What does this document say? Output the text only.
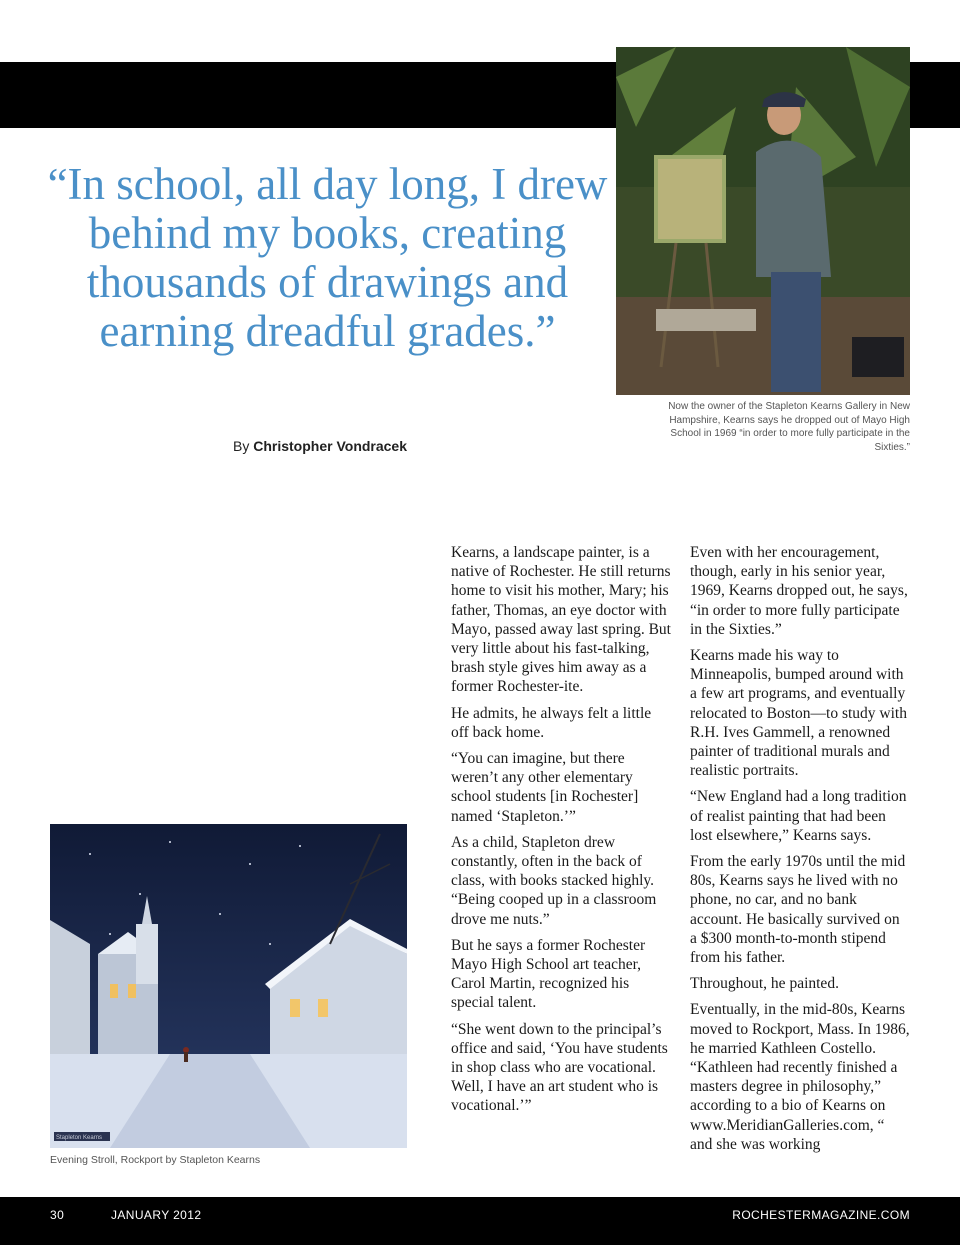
Now the owner of the Stapleton Kearns Gallery in New Hampshire, Kearns says he dropped out of Mayo High School in 1969 “in order to more fully participate in the Sixties.”
“In school, all day long, I drew behind my books, creating thousands of drawings and earning dreadful grades.”
By Christopher Vondracek

Kearns, a landscape painter, is a native of Rochester. He still returns home to visit his mother, Mary; his father, Thomas, an eye doctor with Mayo, passed away last spring. But very little about his fast-talking, brash style gives him away as a former Rochester-ite.

He admits, he always felt a little off back home.

“You can imagine, but there weren’t any other elementary school students [in Rochester] named ‘Stapleton.’”

As a child, Stapleton drew constantly, often in the back of class, with books stacked highly. “Being cooped up in a classroom drove me nuts.”

But he says a former Rochester Mayo High School art teacher, Carol Martin, recognized his special talent.

“She went down to the principal’s office and said, ‘You have students in shop class who are vocational. Well, I have an art student who is vocational.’”

Even with her encouragement, though, early in his senior year, 1969, Kearns dropped out, he says, “in order to more fully participate in the Sixties.”

Kearns made his way to Minneapolis, bumped around with a few art programs, and eventually relocated to Boston—to study with R.H. Ives Gammell, a renowned painter of traditional murals and realistic portraits.

“New England had a long tradition of realist painting that had been lost elsewhere,” Kearns says.

From the early 1970s until the mid 80s, Kearns says he lived with no phone, no car, and no bank account. He basically survived on a $300 month-to-month stipend from his father.

Throughout, he painted.

Eventually, in the mid-80s, Kearns moved to Rockport, Mass. In 1986, he married Kathleen Costello. “Kathleen had recently finished a masters degree in philosophy,” according to a bio of Kearns on www.MeridianGalleries.com, “ and she was working

Stapleton Kearns
Evening Stroll, Rockport by Stapleton Kearns
30	JANUARY 2012	ROCHESTERMAGAZINE.COM
